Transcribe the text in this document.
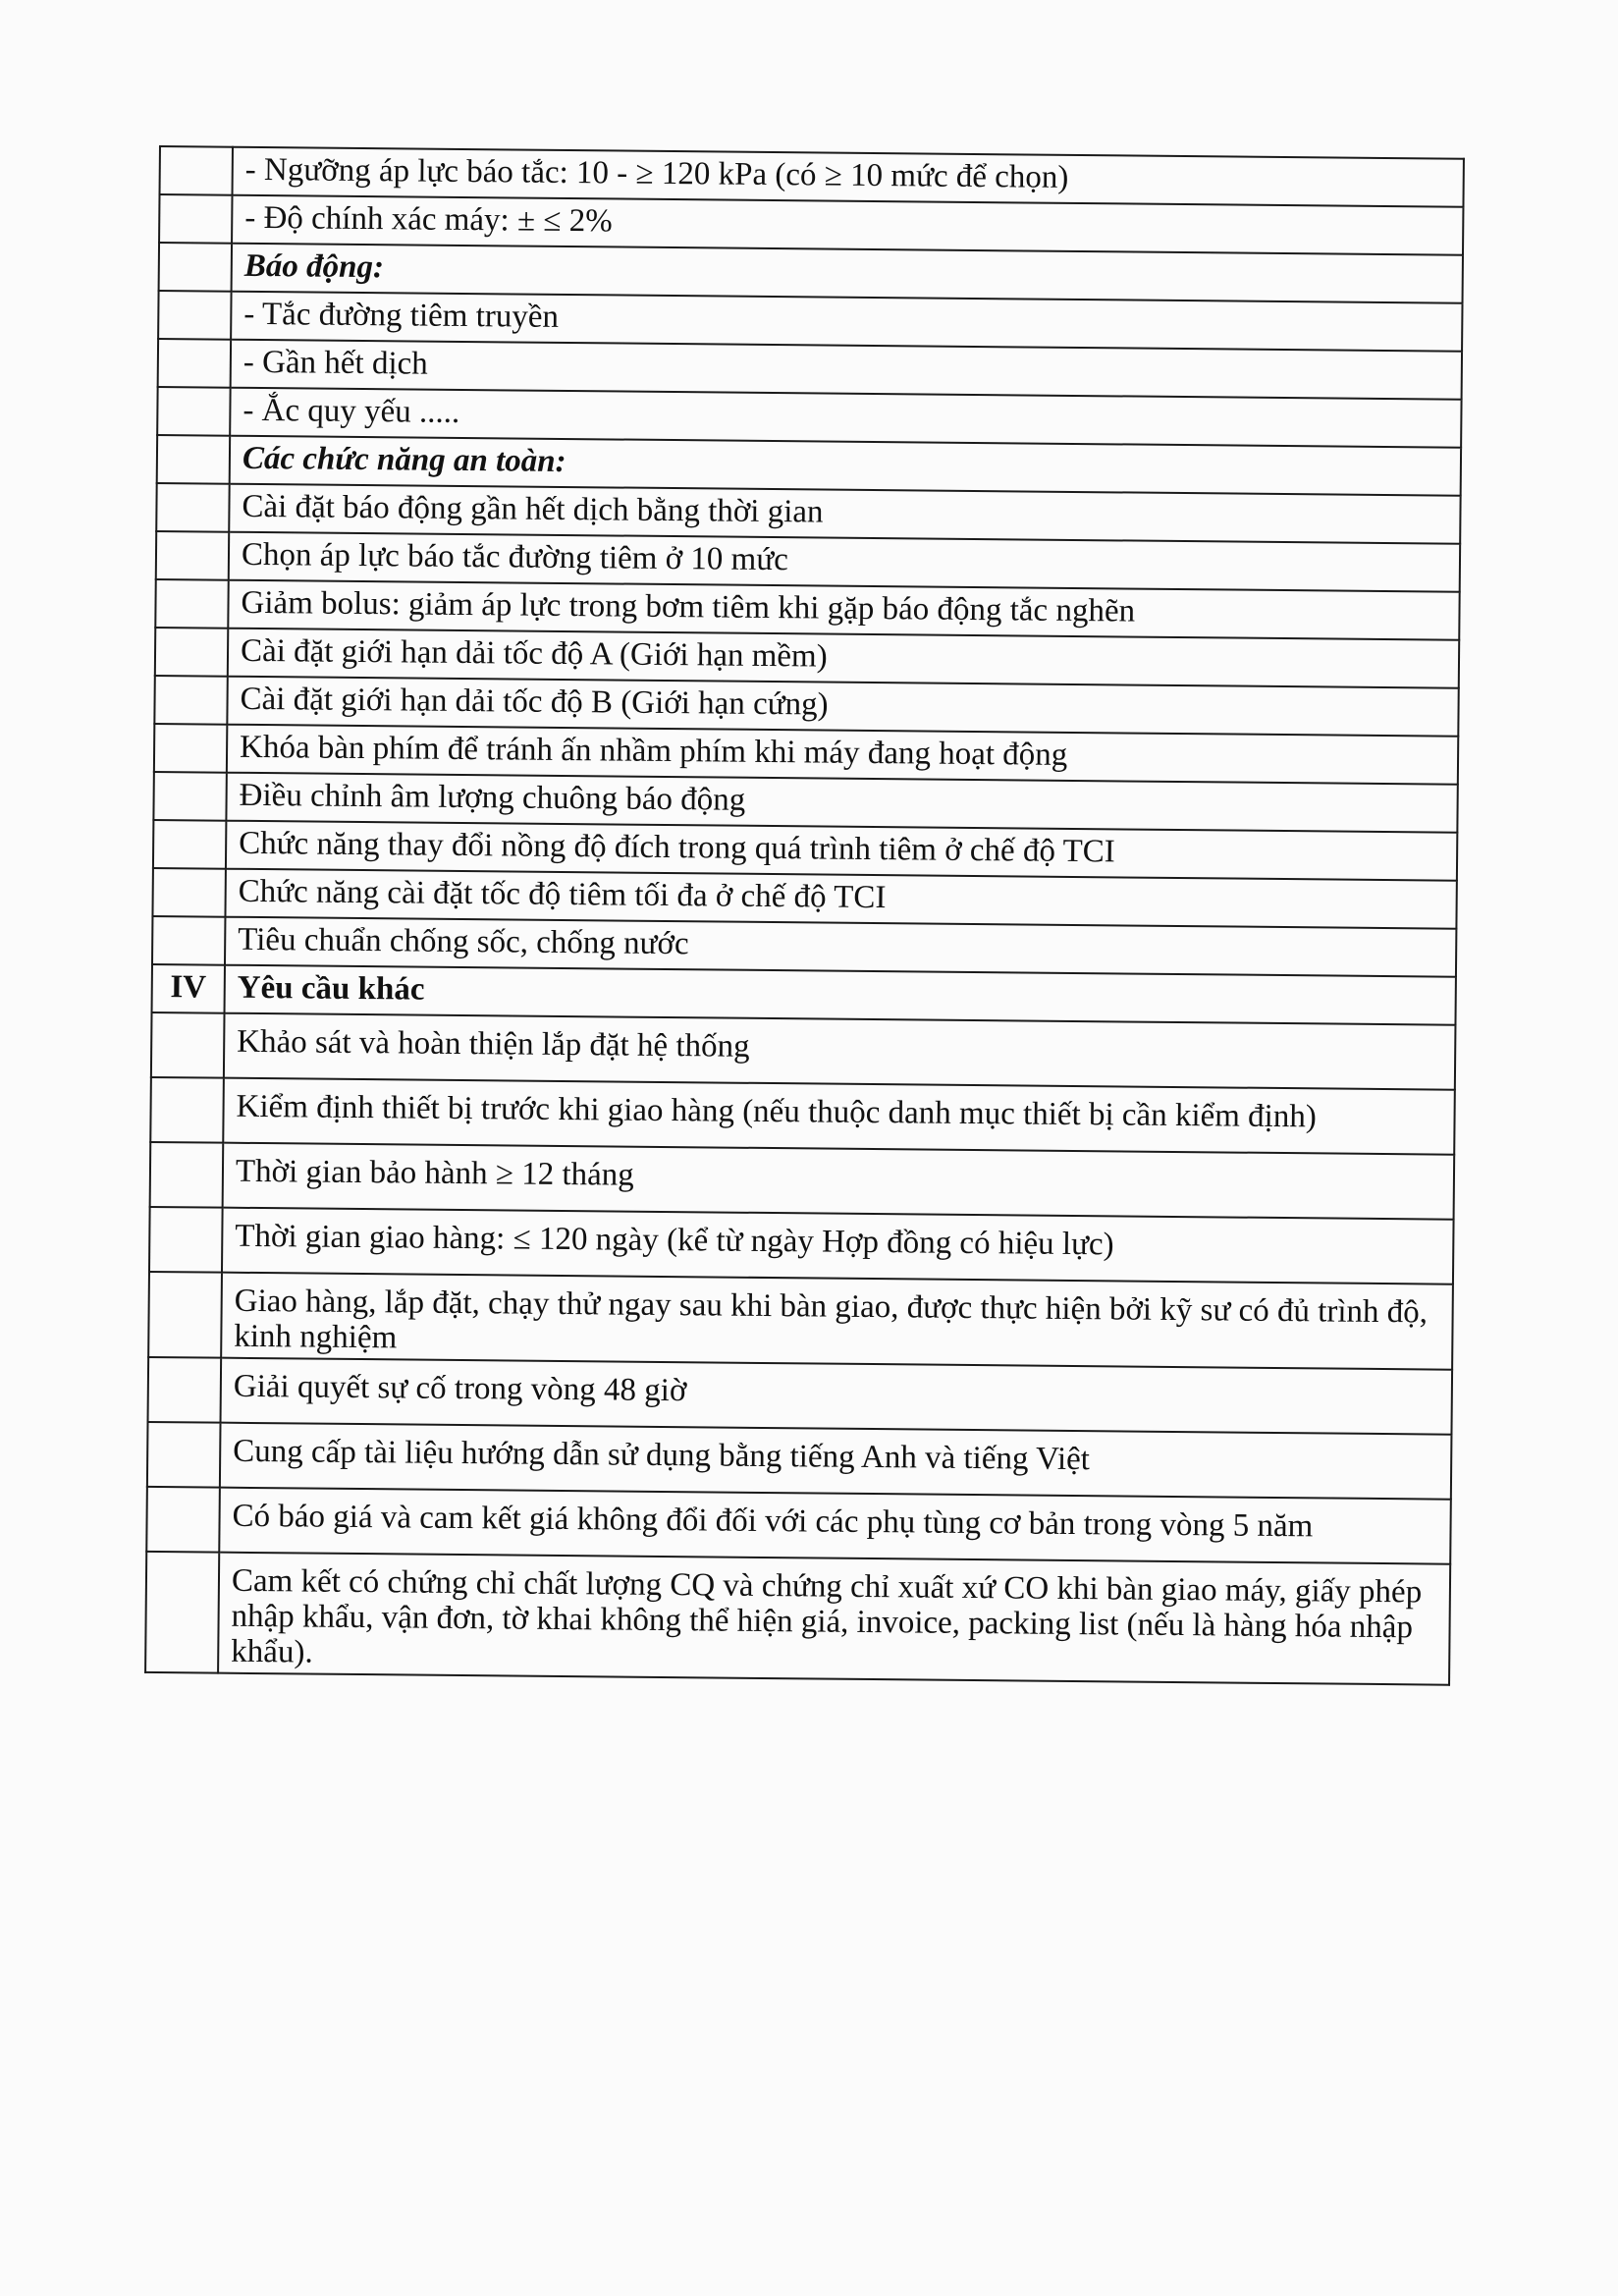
	- Ngưỡng áp lực báo tắc: 10 - ≥ 120 kPa (có ≥ 10 mức để chọn)
	- Độ chính xác máy: ± ≤ 2%
	Báo động:
	- Tắc đường tiêm truyền
	- Gần hết dịch
	- Ắc quy yếu .....
	Các chức năng an toàn:
	Cài đặt báo động gần hết dịch bằng thời gian
	Chọn áp lực báo tắc đường tiêm ở 10 mức
	Giảm bolus: giảm áp lực trong bơm tiêm khi gặp báo động tắc nghẽn
	Cài đặt giới hạn dải tốc độ A (Giới hạn mềm)
	Cài đặt giới hạn dải tốc độ B (Giới hạn cứng)
	Khóa bàn phím để tránh ấn nhầm phím khi máy đang hoạt động
	Điều chỉnh âm lượng chuông báo động
	Chức năng thay đổi nồng độ đích trong quá trình tiêm ở chế độ TCI
	Chức năng cài đặt tốc độ tiêm tối đa ở chế độ TCI
	Tiêu chuẩn chống sốc, chống nước
IV	Yêu cầu khác
	Khảo sát và hoàn thiện lắp đặt hệ thống
	Kiểm định thiết bị trước khi giao hàng (nếu thuộc danh mục thiết bị cần kiểm định)
	Thời gian bảo hành ≥ 12 tháng
	Thời gian giao hàng: ≤ 120 ngày (kể từ ngày Hợp đồng có hiệu lực)
	Giao hàng, lắp đặt, chạy thử ngay sau khi bàn giao, được thực hiện bởi kỹ sư có đủ trình độ, kinh nghiệm
	Giải quyết sự cố trong vòng 48 giờ
	Cung cấp tài liệu hướng dẫn sử dụng bằng tiếng Anh và tiếng Việt
	Có báo giá và cam kết giá không đổi đối với các phụ tùng cơ bản trong vòng 5 năm
	Cam kết có chứng chỉ chất lượng CQ và chứng chỉ xuất xứ CO khi bàn giao máy, giấy phép nhập khẩu, vận đơn, tờ khai không thể hiện giá, invoice, packing list (nếu là hàng hóa nhập khẩu).
